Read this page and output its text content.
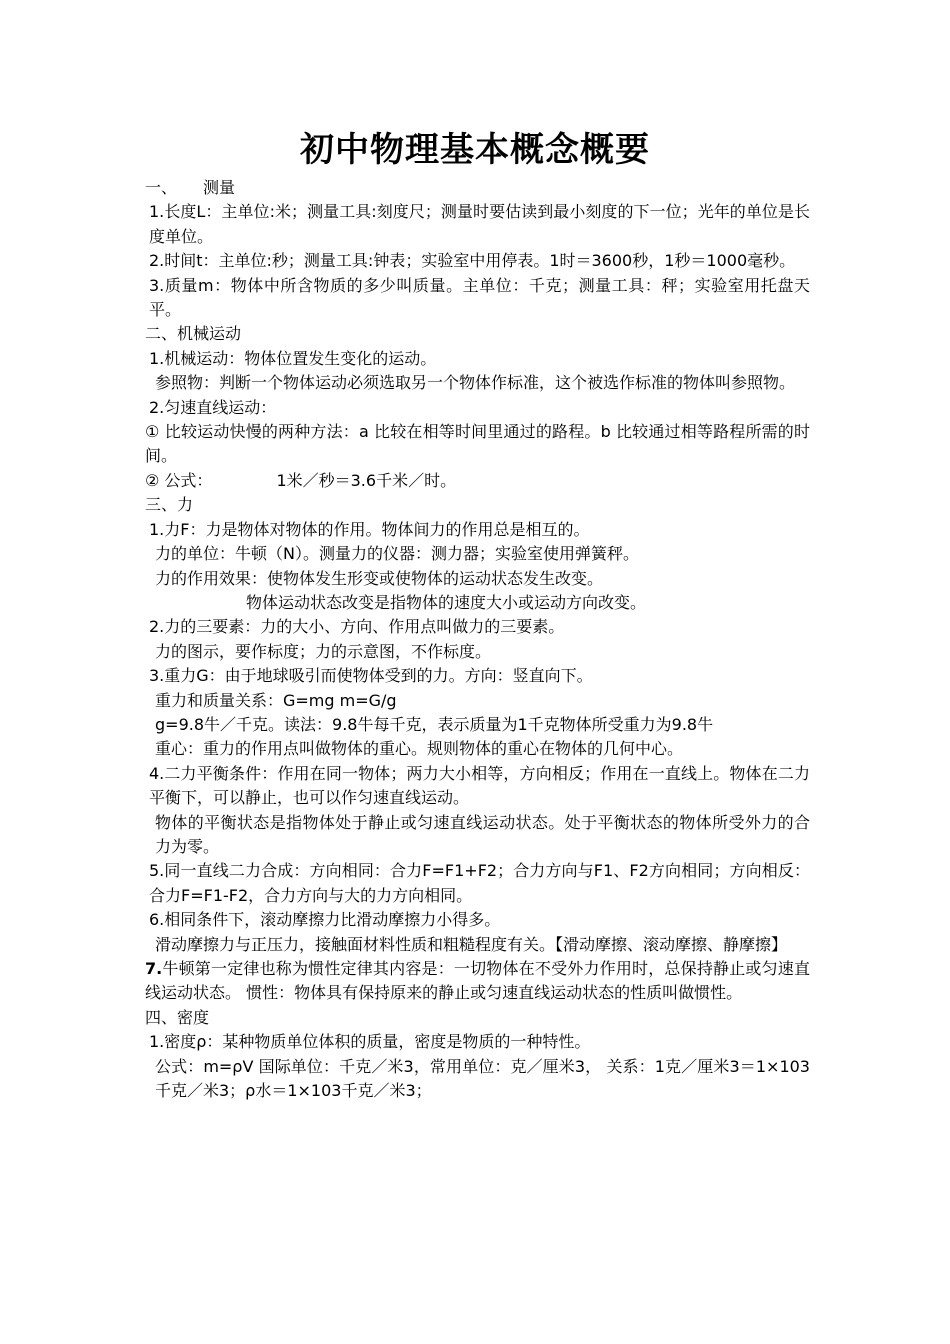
初中物理基本概念概要

一、 测量

1.长度L：主单位:米；测量工具:刻度尺；测量时要估读到最小刻度的下一位；光年的单位是长度单位。

2.时间t：主单位:秒；测量工具:钟表；实验室中用停表。1时＝3600秒，1秒＝1000毫秒。

3.质量m：物体中所含物质的多少叫质量。主单位：千克；测量工具：秤；实验室用托盘天平。

二、机械运动

1.机械运动：物体位置发生变化的运动。

参照物：判断一个物体运动必须选取另一个物体作标准，这个被选作标准的物体叫参照物。

2.匀速直线运动：

① 比较运动快慢的两种方法：a 比较在相等时间里通过的路程。b 比较通过相等路程所需的时间。

② 公式：	1米／秒＝3.6千米／时。

三、力

1.力F：力是物体对物体的作用。物体间力的作用总是相互的。

力的单位：牛顿（N）。测量力的仪器：测力器；实验室使用弹簧秤。

力的作用效果：使物体发生形变或使物体的运动状态发生改变。

物体运动状态改变是指物体的速度大小或运动方向改变。

2.力的三要素：力的大小、方向、作用点叫做力的三要素。

力的图示，要作标度；力的示意图，不作标度。

3.重力G：由于地球吸引而使物体受到的力。方向：竖直向下。

重力和质量关系：G=mg m=G/g

g=9.8牛／千克。读法：9.8牛每千克，表示质量为1千克物体所受重力为9.8牛

重心：重力的作用点叫做物体的重心。规则物体的重心在物体的几何中心。

4.二力平衡条件：作用在同一物体；两力大小相等，方向相反；作用在一直线上。物体在二力平衡下，可以静止，也可以作匀速直线运动。

物体的平衡状态是指物体处于静止或匀速直线运动状态。处于平衡状态的物体所受外力的合力为零。

5.同一直线二力合成：方向相同：合力F=F1+F2；合力方向与F1、F2方向相同；方向相反：合力F=F1-F2，合力方向与大的力方向相同。

6.相同条件下，滚动摩擦力比滑动摩擦力小得多。

滑动摩擦力与正压力，接触面材料性质和粗糙程度有关。【滑动摩擦、滚动摩擦、静摩擦】

7.牛顿第一定律也称为惯性定律其内容是：一切物体在不受外力作用时，总保持静止或匀速直线运动状态。 惯性：物体具有保持原来的静止或匀速直线运动状态的性质叫做惯性。

四、密度

1.密度ρ：某种物质单位体积的质量，密度是物质的一种特性。

公式：m=ρV 国际单位：千克／米3，常用单位：克／厘米3， 关系：1克／厘米3＝1×103千克／米3；ρ水＝1×103千克／米3；
